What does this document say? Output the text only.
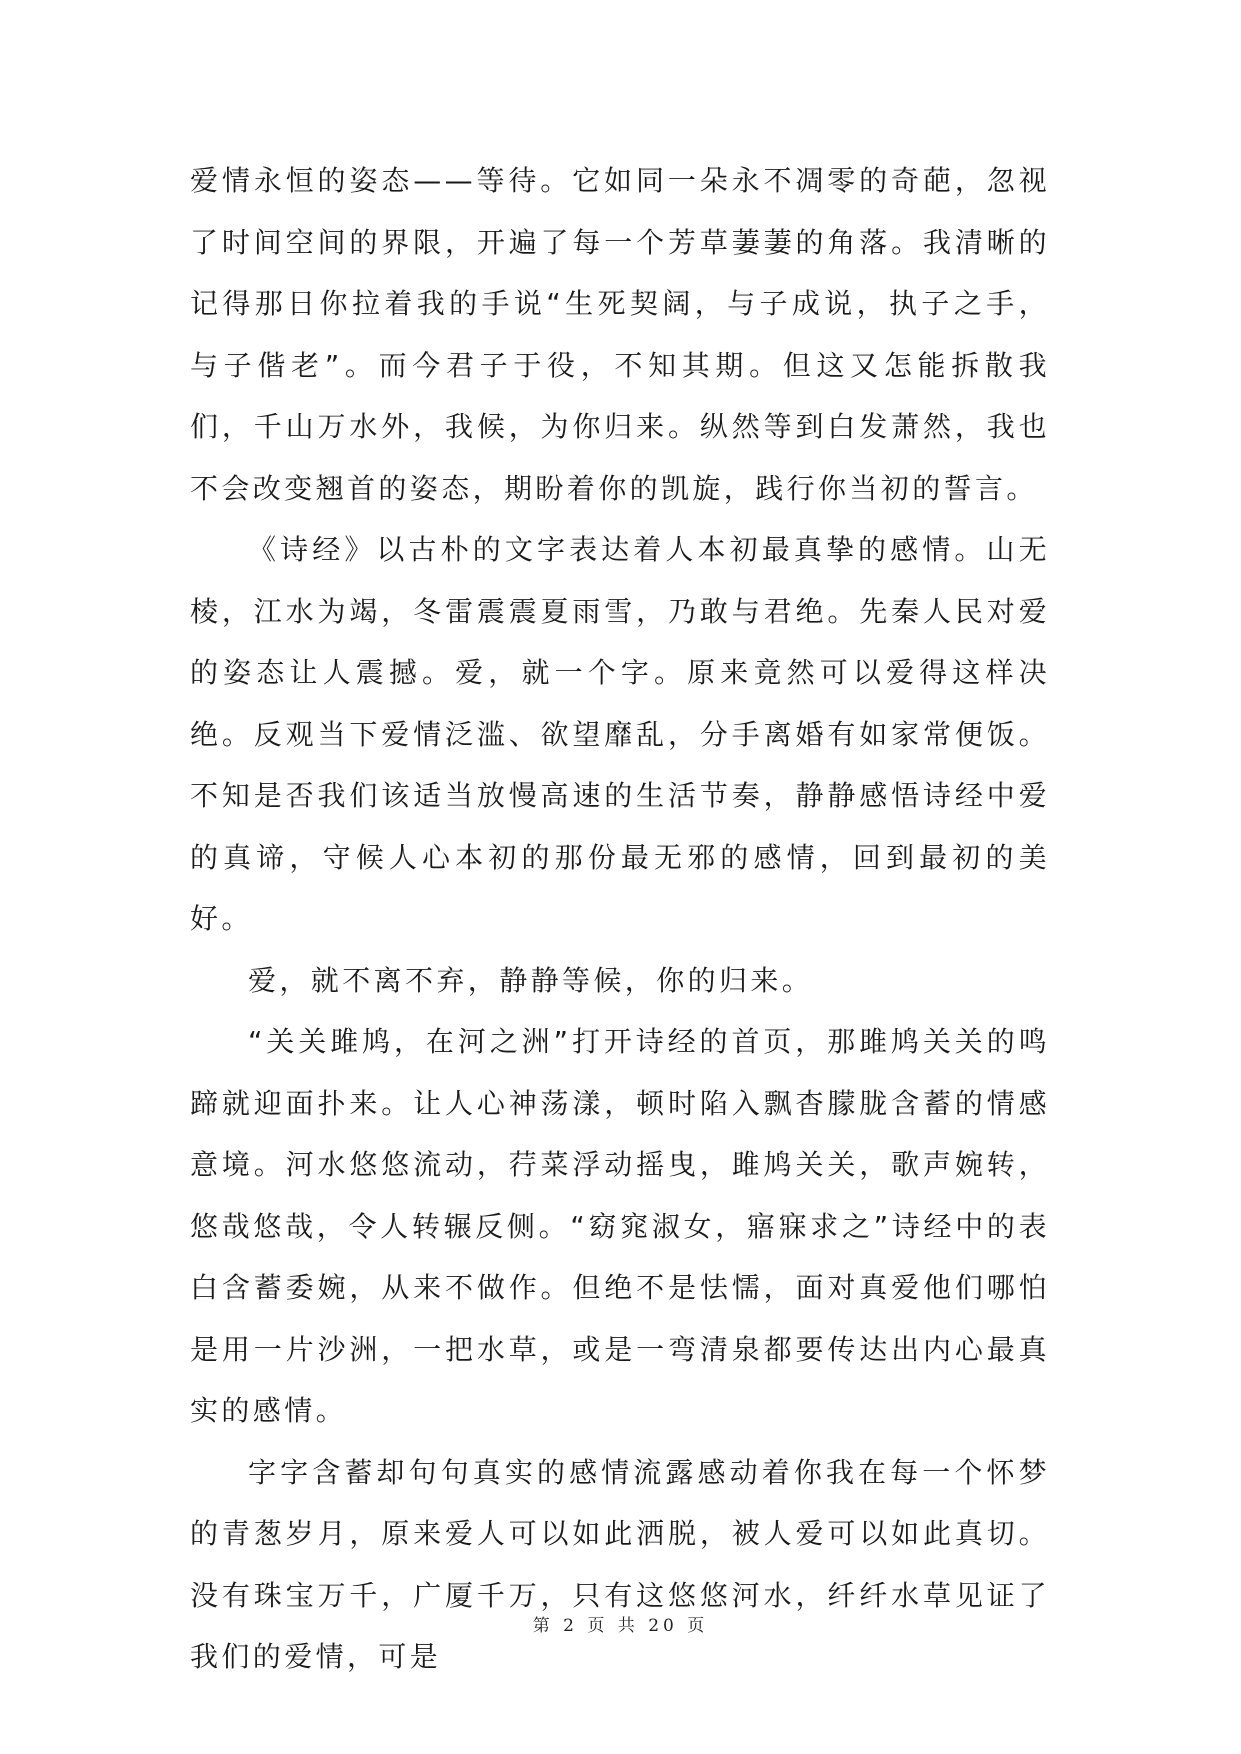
爱情永恒的姿态——等待。它如同一朵永不凋零的奇葩，忽视了时间空间的界限，开遍了每一个芳草萋萋的角落。我清晰的记得那日你拉着我的手说“生死契阔，与子成说，执子之手，与子偕老”。而今君子于役，不知其期。但这又怎能拆散我们，千山万水外，我候，为你归来。纵然等到白发萧然，我也不会改变翘首的姿态，期盼着你的凯旋，践行你当初的誓言。

《诗经》以古朴的文字表达着人本初最真挚的感情。山无棱，江水为竭，冬雷震震夏雨雪，乃敢与君绝。先秦人民对爱的姿态让人震撼。爱，就一个字。原来竟然可以爱得这样决绝。反观当下爱情泛滥、欲望靡乱，分手离婚有如家常便饭。不知是否我们该适当放慢高速的生活节奏，静静感悟诗经中爱的真谛，守候人心本初的那份最无邪的感情，回到最初的美好。

爱，就不离不弃，静静等候，你的归来。

“关关雎鸠，在河之洲”打开诗经的首页，那雎鸠关关的鸣蹄就迎面扑来。让人心神荡漾，顿时陷入飘杳朦胧含蓄的情感意境。河水悠悠流动，荇菜浮动摇曳，雎鸠关关，歌声婉转，悠哉悠哉，令人转辗反侧。“窈窕淑女，寤寐求之”诗经中的表白含蓄委婉，从来不做作。但绝不是怯懦，面对真爱他们哪怕是用一片沙洲，一把水草，或是一弯清泉都要传达出内心最真实的感情。

字字含蓄却句句真实的感情流露感动着你我在每一个怀梦的青葱岁月，原来爱人可以如此洒脱，被人爱可以如此真切。没有珠宝万千，广厦千万，只有这悠悠河水，纤纤水草见证了我们的爱情，可是

第 2 页 共 20 页
